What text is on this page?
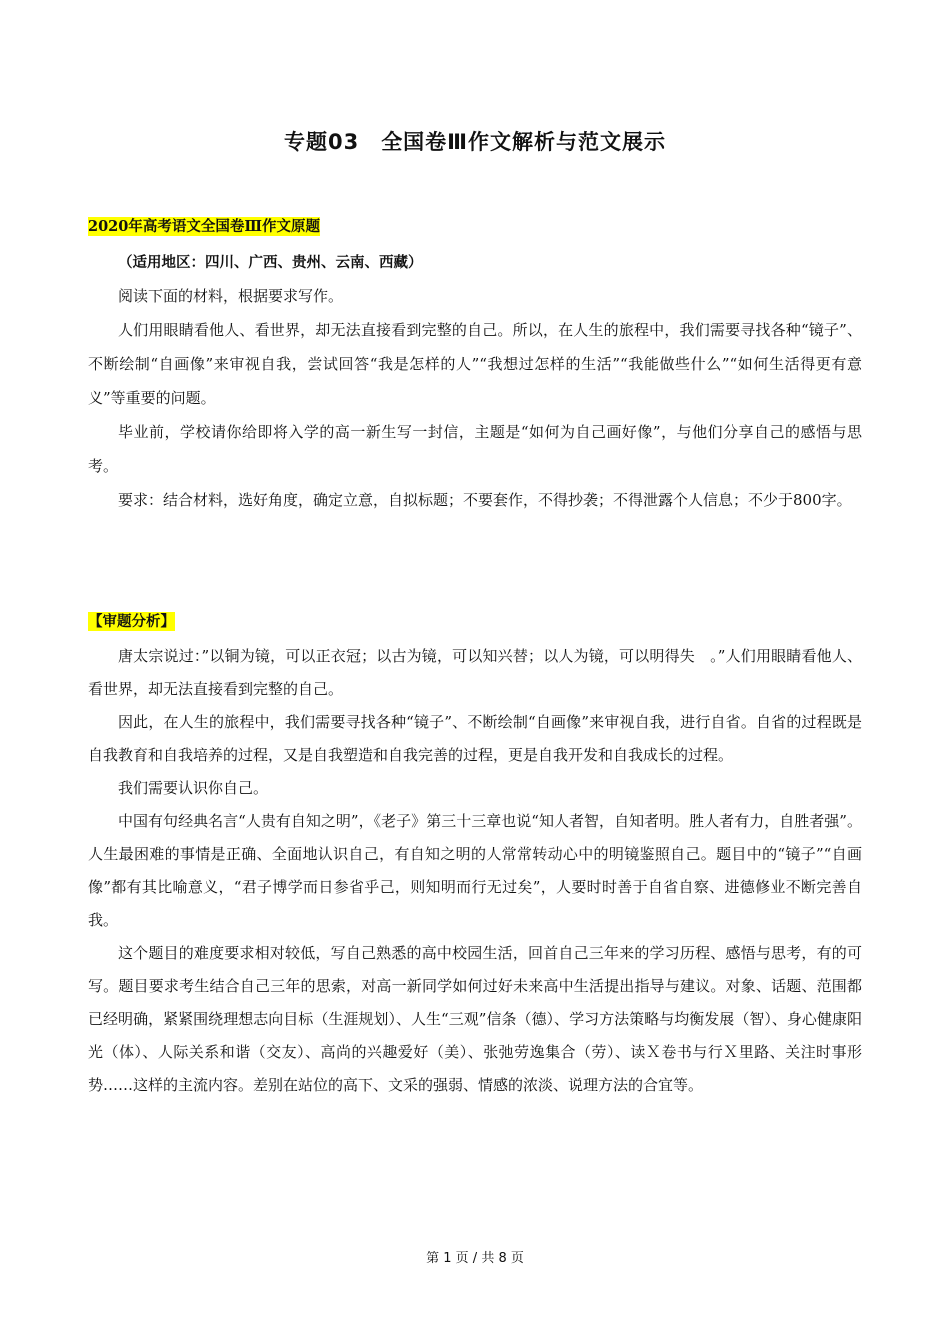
专题03 全国卷Ⅲ作文解析与范文展示
2020年高考语文全国卷Ⅲ作文原题
（适用地区：四川、广西、贵州、云南、西藏）

阅读下面的材料，根据要求写作。

人们用眼睛看他人、看世界，却无法直接看到完整的自己。所以，在人生的旅程中，我们需要寻找各种“镜子”、不断绘制“自画像”来审视自我，尝试回答“我是怎样的人”“我想过怎样的生活”“我能做些什么”“如何生活得更有意义”等重要的问题。

毕业前，学校请你给即将入学的高一新生写一封信，主题是“如何为自己画好像”，与他们分享自己的感悟与思考。

要求：结合材料，选好角度，确定立意，自拟标题；不要套作，不得抄袭；不得泄露个人信息；不少于800字。

【审题分析】

唐太宗说过：”以铜为镜，可以正衣冠；以古为镜，可以知兴替；以人为镜，可以明得失　。”人们用眼睛看他人、看世界，却无法直接看到完整的自己。

因此，在人生的旅程中，我们需要寻找各种“镜子”、不断绘制“自画像”来审视自我，进行自省。自省的过程既是自我教育和自我培养的过程，又是自我塑造和自我完善的过程，更是自我开发和自我成长的过程。

我们需要认识你自己。

中国有句经典名言“人贵有自知之明”，《老子》第三十三章也说“知人者智，自知者明。胜人者有力，自胜者强”。人生最困难的事情是正确、全面地认识自己，有自知之明的人常常转动心中的明镜鉴照自己。题目中的“镜子”“自画像”都有其比喻意义，“君子博学而日参省乎己，则知明而行无过矣”，人要时时善于自省自察、进德修业不断完善自我。

这个题目的难度要求相对较低，写自己熟悉的高中校园生活，回首自己三年来的学习历程、感悟与思考，有的可写。题目要求考生结合自己三年的思索，对高一新同学如何过好未来高中生活提出指导与建议。对象、话题、范围都已经明确，紧紧围绕理想志向目标（生涯规划）、人生“三观”信条（德）、学习方法策略与均衡发展（智）、身心健康阳光（体）、人际关系和谐（交友）、高尚的兴趣爱好（美）、张弛劳逸集合（劳）、读Ｘ卷书与行Ｘ里路、关注时事形势……这样的主流内容。差别在站位的高下、文采的强弱、情感的浓淡、说理方法的合宜等。

第 1 页 / 共 8 页
